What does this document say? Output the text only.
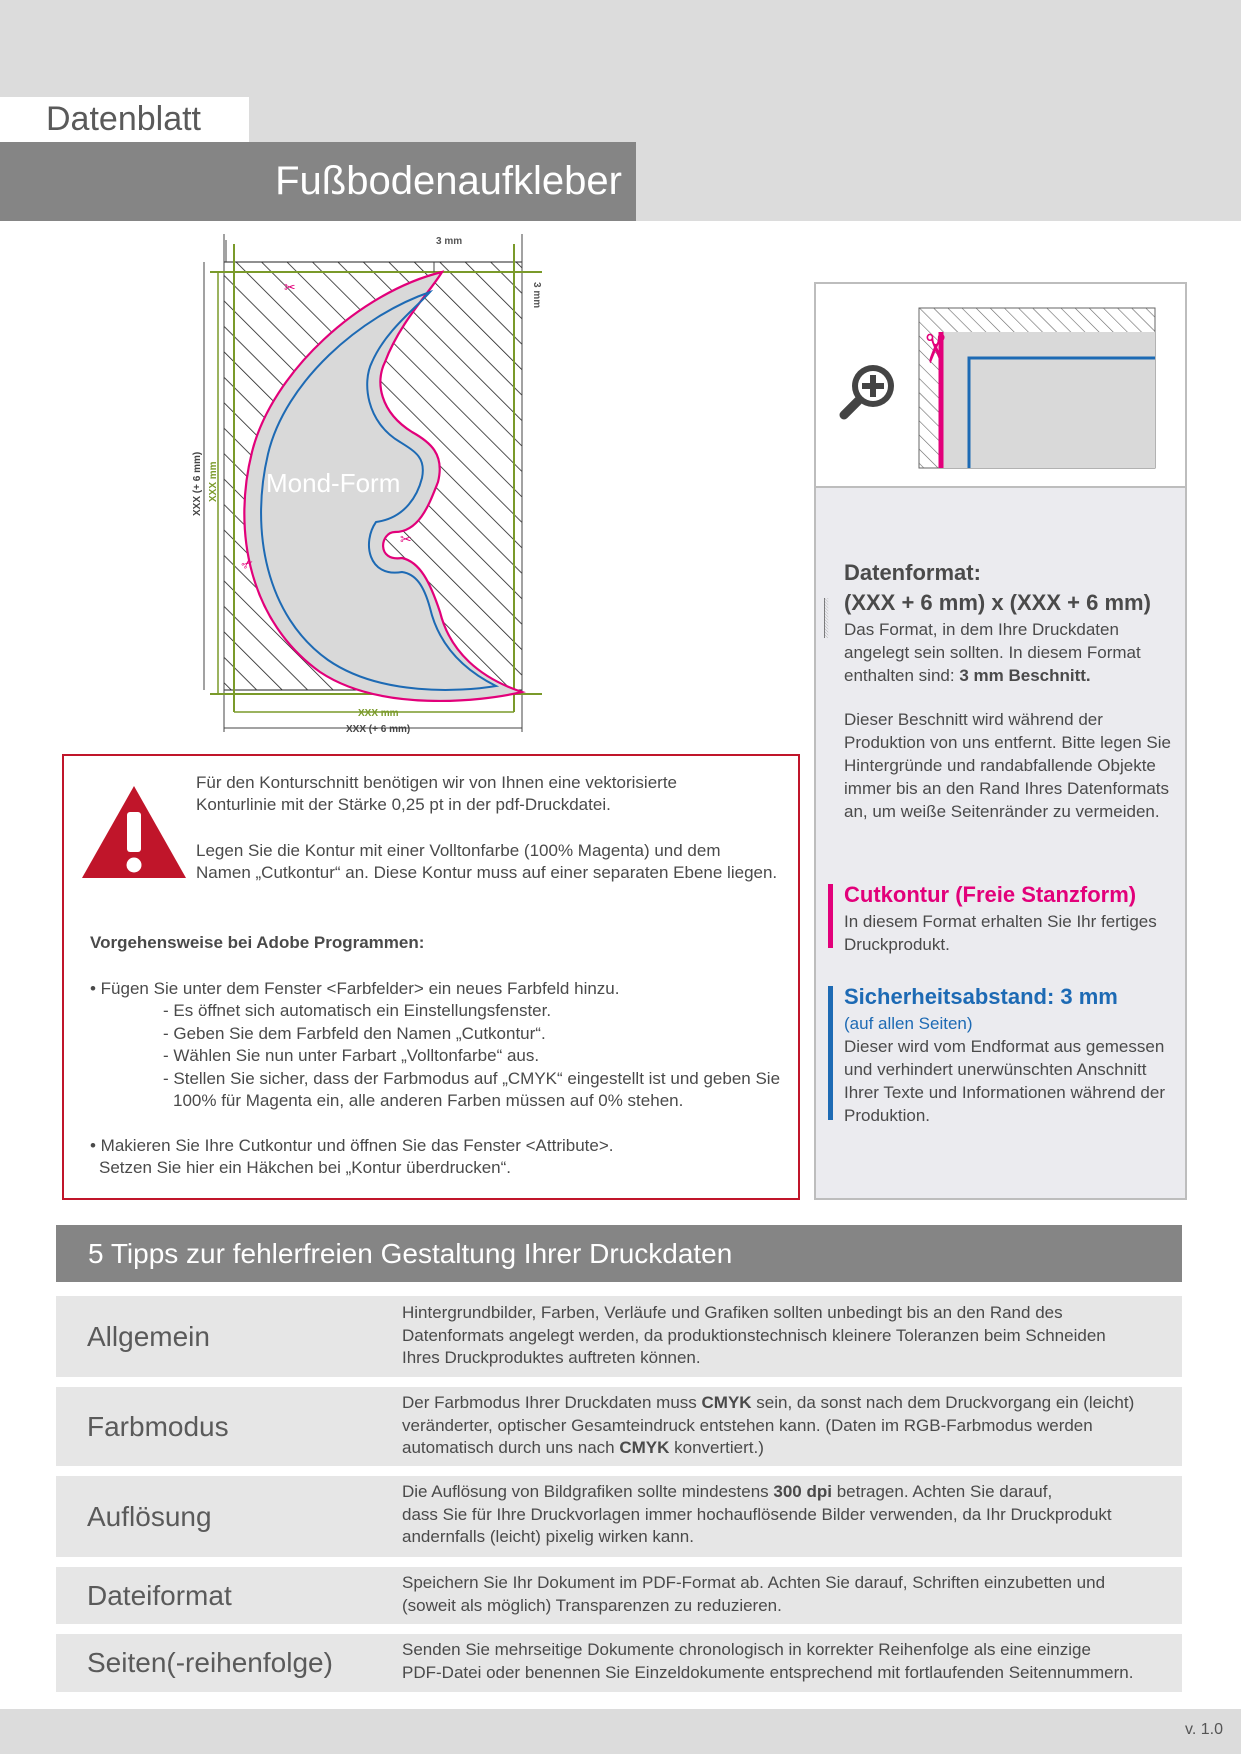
Datenblatt
Fußbodenaufkleber
✂
✂
✂
3 mm
3 mm
XXX (+ 6 mm) XXX mm
XXX mm
XXX (+ 6 mm)
Mond-Form
✂
Datenformat:
(XXX + 6 mm) x (XXX + 6 mm)
Das Format, in dem Ihre Druckdaten angelegt sein sollten. In diesem Format enthalten sind: 3 mm Beschnitt.
Dieser Beschnitt wird während der Produktion von uns entfernt. Bitte legen Sie Hintergründe und randabfallende Objekte immer bis an den Rand Ihres Datenformats an, um weiße Seitenränder zu vermeiden.
Cutkontur (Freie Stanzform)
In diesem Format erhalten Sie Ihr fertiges Druckprodukt.
Sicherheitsabstand: 3 mm
(auf allen Seiten)
Dieser wird vom Endformat aus gemessen und verhindert unerwünschten Anschnitt Ihrer Texte und Informationen während der Produktion.
Für den Konturschnitt benötigen wir von Ihnen eine vektorisierte
Konturlinie mit der Stärke 0,25 pt in der pdf-Druckdatei.
Legen Sie die Kontur mit einer Volltonfarbe (100% Magenta) und dem
Namen „Cutkontur“ an. Diese Kontur muss auf einer separaten Ebene liegen.
Vorgehensweise bei Adobe Programmen:
• Fügen Sie unter dem Fenster <Farbfelder> ein neues Farbfeld hinzu.
- Es öffnet sich automatisch ein Einstellungsfenster.
- Geben Sie dem Farbfeld den Namen „Cutkontur“.
- Wählen Sie nun unter Farbart „Volltonfarbe“ aus.
- Stellen Sie sicher, dass der Farbmodus auf „CMYK“ eingestellt ist und geben Sie
100% für Magenta ein, alle anderen Farben müssen auf 0% stehen.
• Makieren Sie Ihre Cutkontur und öffnen Sie das Fenster <Attribute>.
Setzen Sie hier ein Häkchen bei „Kontur überdrucken“.
5 Tipps zur fehlerfreien Gestaltung Ihrer Druckdaten
Allgemein
Hintergrundbilder, Farben, Verläufe und Grafiken sollten unbedingt bis an den Rand des
Datenformats angelegt werden, da produktionstechnisch kleinere Toleranzen beim Schneiden
Ihres Druckproduktes auftreten können.
Farbmodus
Der Farbmodus Ihrer Druckdaten muss CMYK sein, da sonst nach dem Druckvorgang ein (leicht)
veränderter, optischer Gesamteindruck entstehen kann. (Daten im RGB-Farbmodus werden
automatisch durch uns nach CMYK konvertiert.)
Auflösung
Die Auflösung von Bildgrafiken sollte mindestens 300 dpi betragen. Achten Sie darauf,
dass Sie für Ihre Druckvorlagen immer hochauflösende Bilder verwenden, da Ihr Druckprodukt
andernfalls (leicht) pixelig wirken kann.
Dateiformat	Speichern Sie Ihr Dokument im PDF-Format ab. Achten Sie darauf, Schriften einzubetten und
(soweit als möglich) Transparenzen zu reduzieren.
Seiten(-reihenfolge)	Senden Sie mehrseitige Dokumente chronologisch in korrekter Reihenfolge als eine einzige
PDF-Datei oder benennen Sie Einzeldokumente entsprechend mit fortlaufenden Seitennummern.
v. 1.0
